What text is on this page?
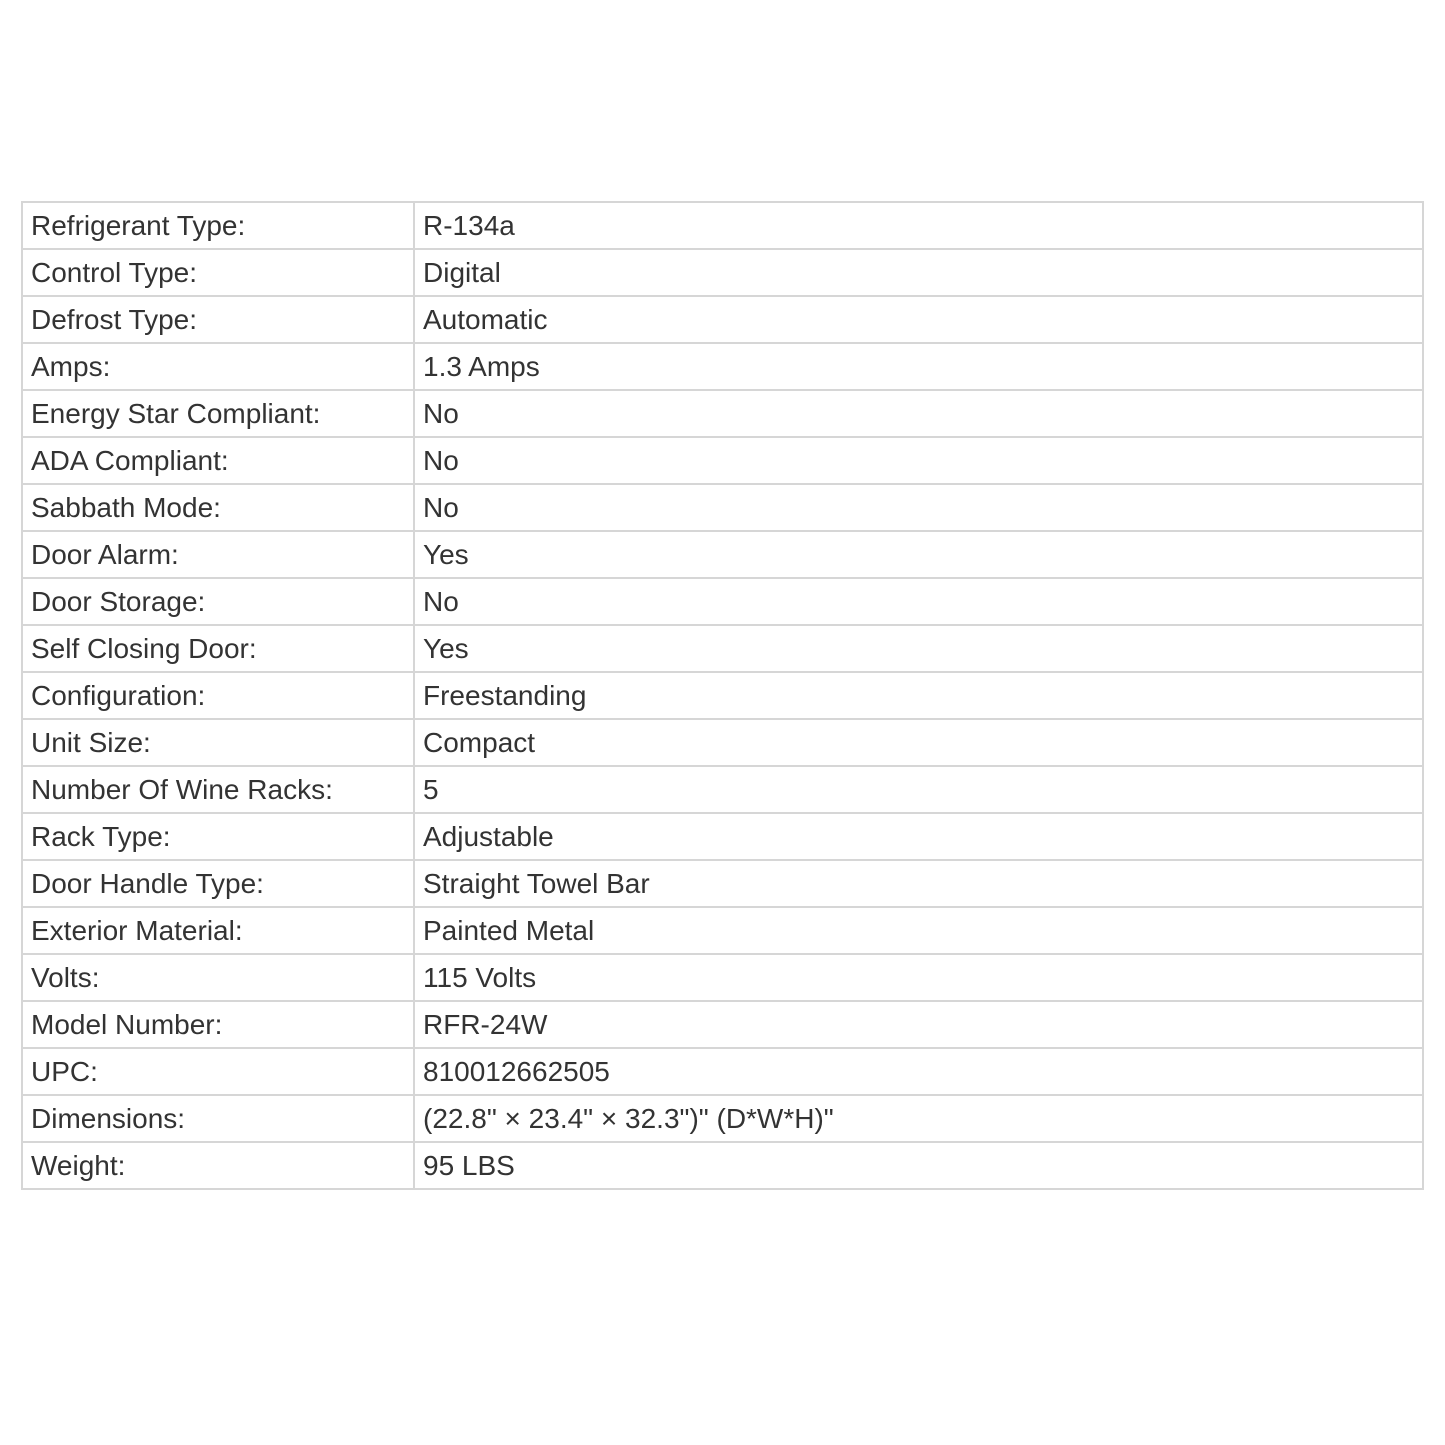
Refrigerant Type:	R-134a
Control Type:	Digital
Defrost Type:	Automatic
Amps:	1.3 Amps
Energy Star Compliant:	No
ADA Compliant:	No
Sabbath Mode:	No
Door Alarm:	Yes
Door Storage:	No
Self Closing Door:	Yes
Configuration:	Freestanding
Unit Size:	Compact
Number Of Wine Racks:	5
Rack Type:	Adjustable
Door Handle Type:	Straight Towel Bar
Exterior Material:	Painted Metal
Volts:	115 Volts
Model Number:	RFR-24W
UPC:	810012662505
Dimensions:	(22.8" × 23.4" × 32.3")" (D*W*H)"
Weight:	95 LBS
